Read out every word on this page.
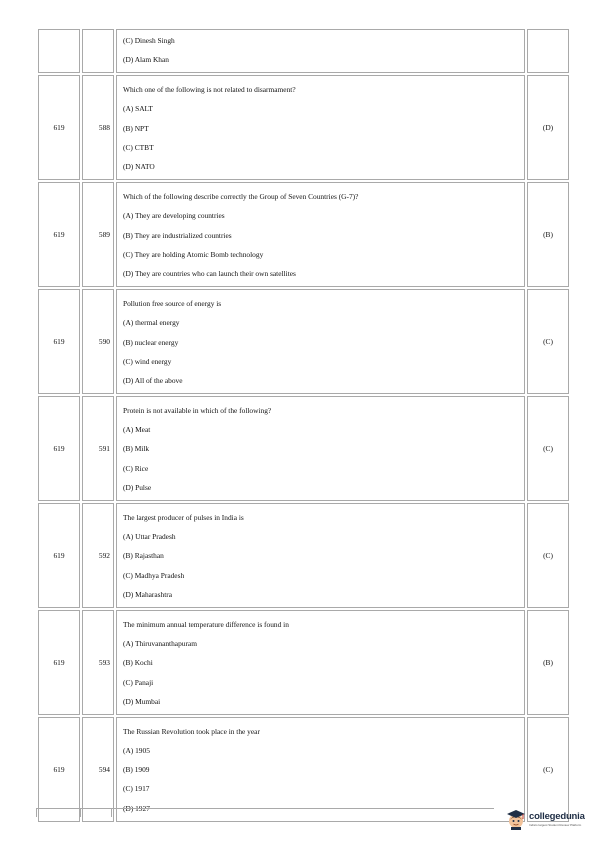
(C) Dinesh Singh
(D) Alam Khan	

619	588	Which one of the following is not related to disarmament?
(A) SALT
(B) NPT
(C) CTBT
(D) NATO	(D)
619	589	Which of the following describe correctly the Group of Seven Countries (G-7)?
(A) They are developing countries
(B) They are industrialized countries
(C) They are holding Atomic Bomb technology
(D) They are countries who can launch their own satellites	(B)
619	590	Pollution free source of energy is
(A) thermal energy
(B) nuclear energy
(C) wind energy
(D) All of the above	(C)
619	591	Protein is not available in which of the following?
(A) Meat
(B) Milk
(C) Rice
(D) Pulse	(C)
619	592	The largest producer of pulses in India is
(A) Uttar Pradesh
(B) Rajasthan
(C) Madhya Pradesh
(D) Maharashtra	(C)
619	593	The minimum annual temperature difference is found in
(A) Thiruvananthapuram
(B) Kochi
(C) Panaji
(D) Mumbai	(B)
619	594	The Russian Revolution took place in the year
(A) 1905
(B) 1909
(C) 1917
(D) 1927	(C)
collegedunia
India's largest Student Review Platform
